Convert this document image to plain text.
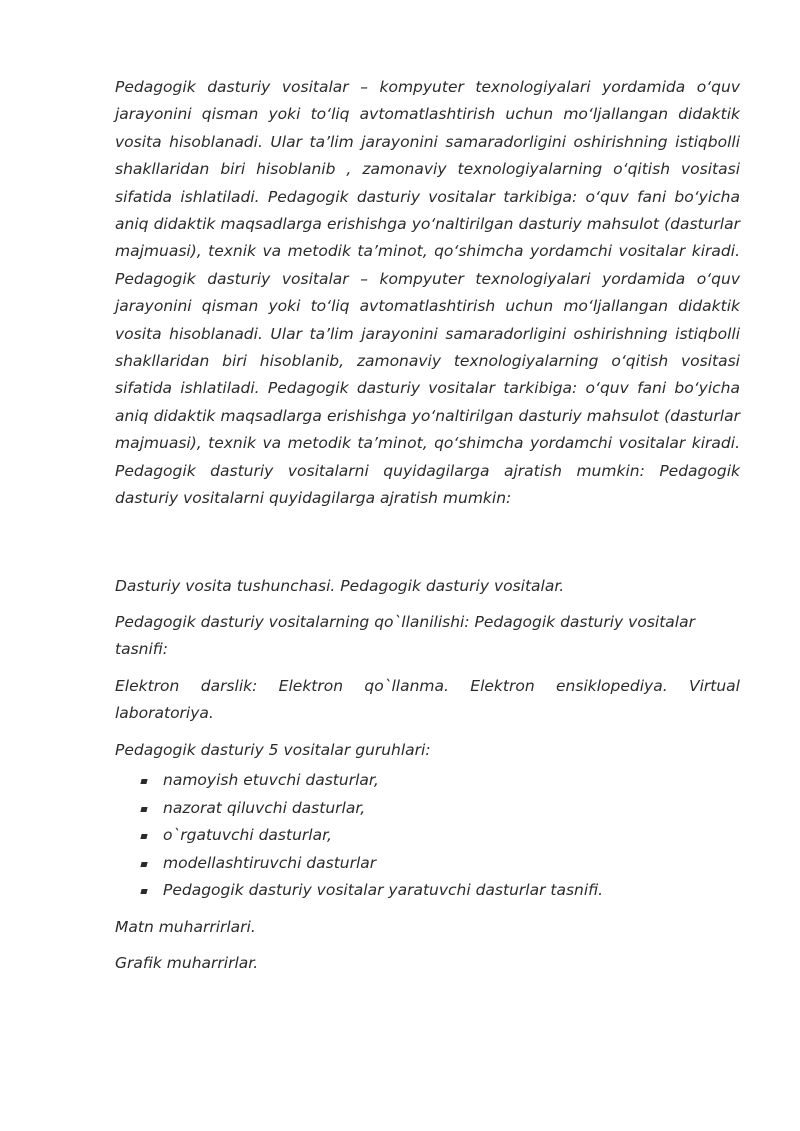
Pedagogik dasturiy vositalar – kompyuter texnologiyalari yordamida o‘quv jarayonini qisman yoki to‘liq avtomatlashtirish uchun mo‘ljallangan didaktik vosita hisoblanadi. Ular ta’lim jarayonini samaradorligini oshirishning istiqbolli shakllaridan biri hisoblanib , zamonaviy texnologiyalarning o‘qitish vositasi sifatida ishlatiladi. Pedagogik dasturiy vositalar tarkibiga: o‘quv fani bo‘yicha aniq didaktik maqsadlarga erishishga yo‘naltirilgan dasturiy mahsulot (dasturlar majmuasi), texnik va metodik ta’minot, qo‘shimcha yordamchi vositalar kiradi. Pedagogik dasturiy vositalar – kompyuter texnologiyalari yordamida o‘quv jarayonini qisman yoki to‘liq avtomatlashtirish uchun mo‘ljallangan didaktik vosita hisoblanadi. Ular ta’lim jarayonini samaradorligini oshirishning istiqbolli shakllaridan biri hisoblanib, zamonaviy texnologiyalarning o‘qitish vositasi sifatida ishlatiladi. Pedagogik dasturiy vositalar tarkibiga: o‘quv fani bo‘yicha aniq didaktik maqsadlarga erishishga yo‘naltirilgan dasturiy mahsulot (dasturlar majmuasi), texnik va metodik ta’minot, qo‘shimcha yordamchi vositalar kiradi. Pedagogik dasturiy vositalarni quyidagilarga ajratish mumkin: Pedagogik dasturiy vositalarni quyidagilarga ajratish mumkin:

Dasturiy vosita tushunchasi. Pedagogik dasturiy vositalar.

Pedagogik dasturiy vositalarning qo`llanilishi: Pedagogik dasturiy vositalar tasnifi:

Elektron darslik: Elektron qo`llanma. Elektron ensiklopediya. Virtual laboratoriya.

Pedagogik dasturiy 5 vositalar guruhlari:

namoyish etuvchi dasturlar,
nazorat qiluvchi dasturlar,
o`rgatuvchi dasturlar,
modellashtiruvchi dasturlar
Pedagogik dasturiy vositalar yaratuvchi dasturlar tasnifi.

Matn muharrirlari.

Grafik muharrirlar.
